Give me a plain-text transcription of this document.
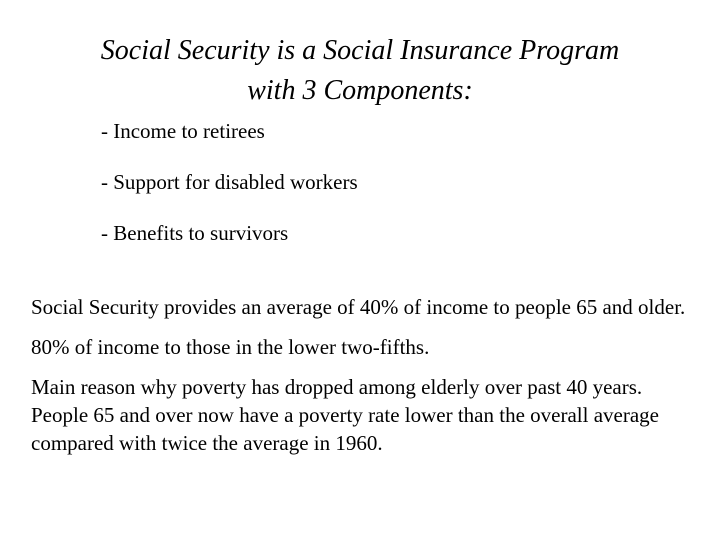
Social Security is a Social Insurance Program
with 3 Components:
- Income to retirees
- Support for disabled workers
- Benefits to survivors

Social Security provides an average of 40% of income to people 65 and older.

80% of income to those in the lower two-fifths.

Main reason why poverty has dropped among elderly over past 40 years. People 65 and over now have a poverty rate lower than the overall average compared with twice the average in 1960.
